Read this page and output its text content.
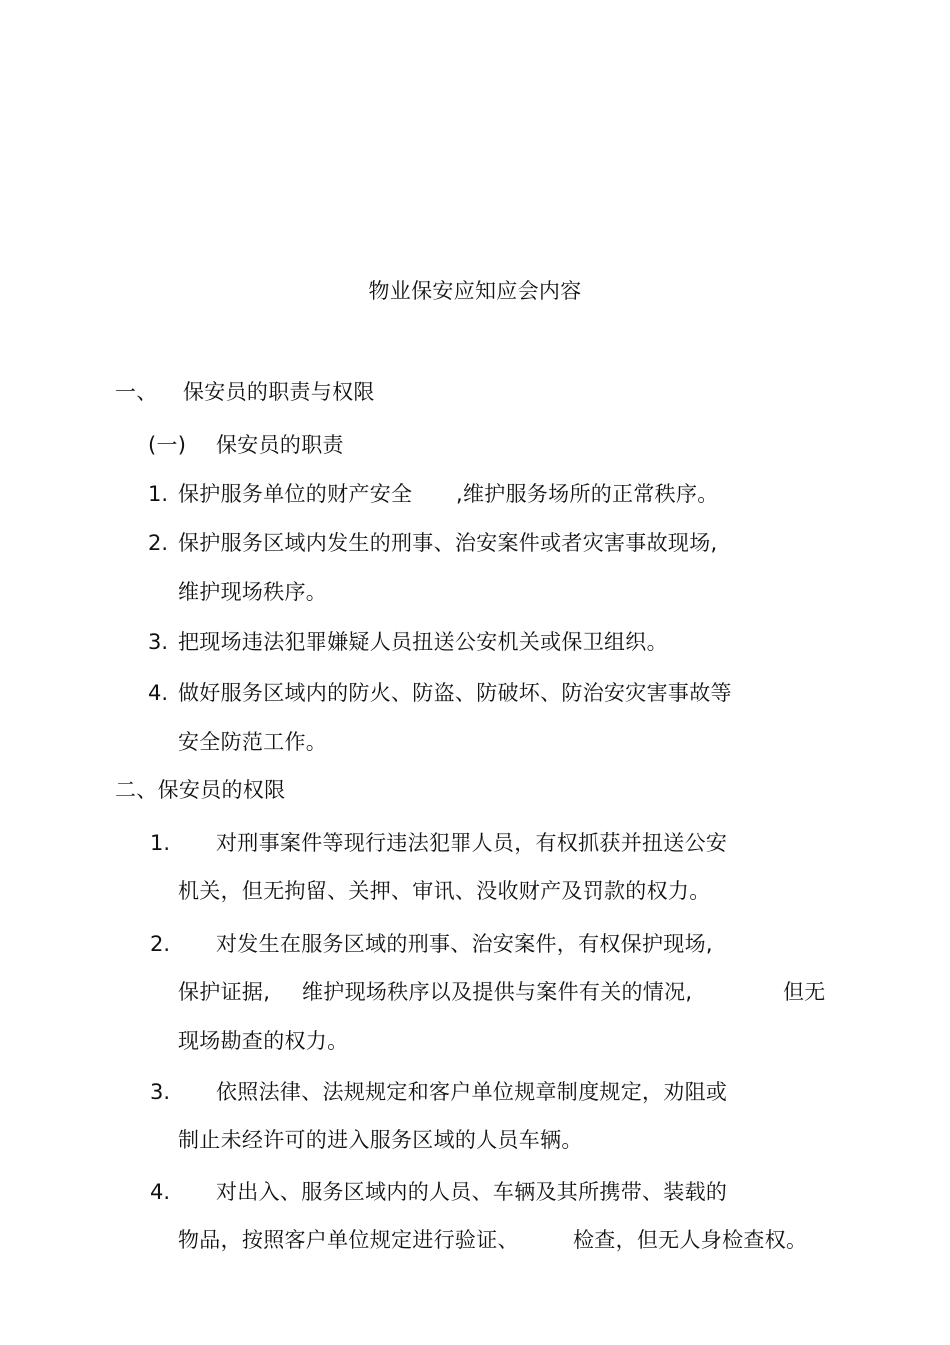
物业保安应知应会内容
一、 保安员的职责与权限
(一) 保安员的职责
1. 保护服务单位的财产安全 ,维护服务场所的正常秩序。
2. 保护服务区域内发生的刑事、治安案件或者灾害事故现场,
维护现场秩序。
3. 把现场违法犯罪嫌疑人员扭送公安机关或保卫组织。
4. 做好服务区域内的防火、防盗、防破坏、防治安灾害事故等
安全防范工作。
二、保安员的权限
1. 对刑事案件等现行违法犯罪人员，有权抓获并扭送公安
机关，但无拘留、关押、审讯、没收财产及罚款的权力。
2. 对发生在服务区域的刑事、治安案件，有权保护现场,
保护证据, 维护现场秩序以及提供与案件有关的情况,	但无
现场勘查的权力。
3. 依照法律、法规规定和客户单位规章制度规定，劝阻或
制止未经许可的进入服务区域的人员车辆。
4. 对出入、服务区域内的人员、车辆及其所携带、装载的
物品，按照客户单位规定进行验证、	检查，但无人身检查权。
